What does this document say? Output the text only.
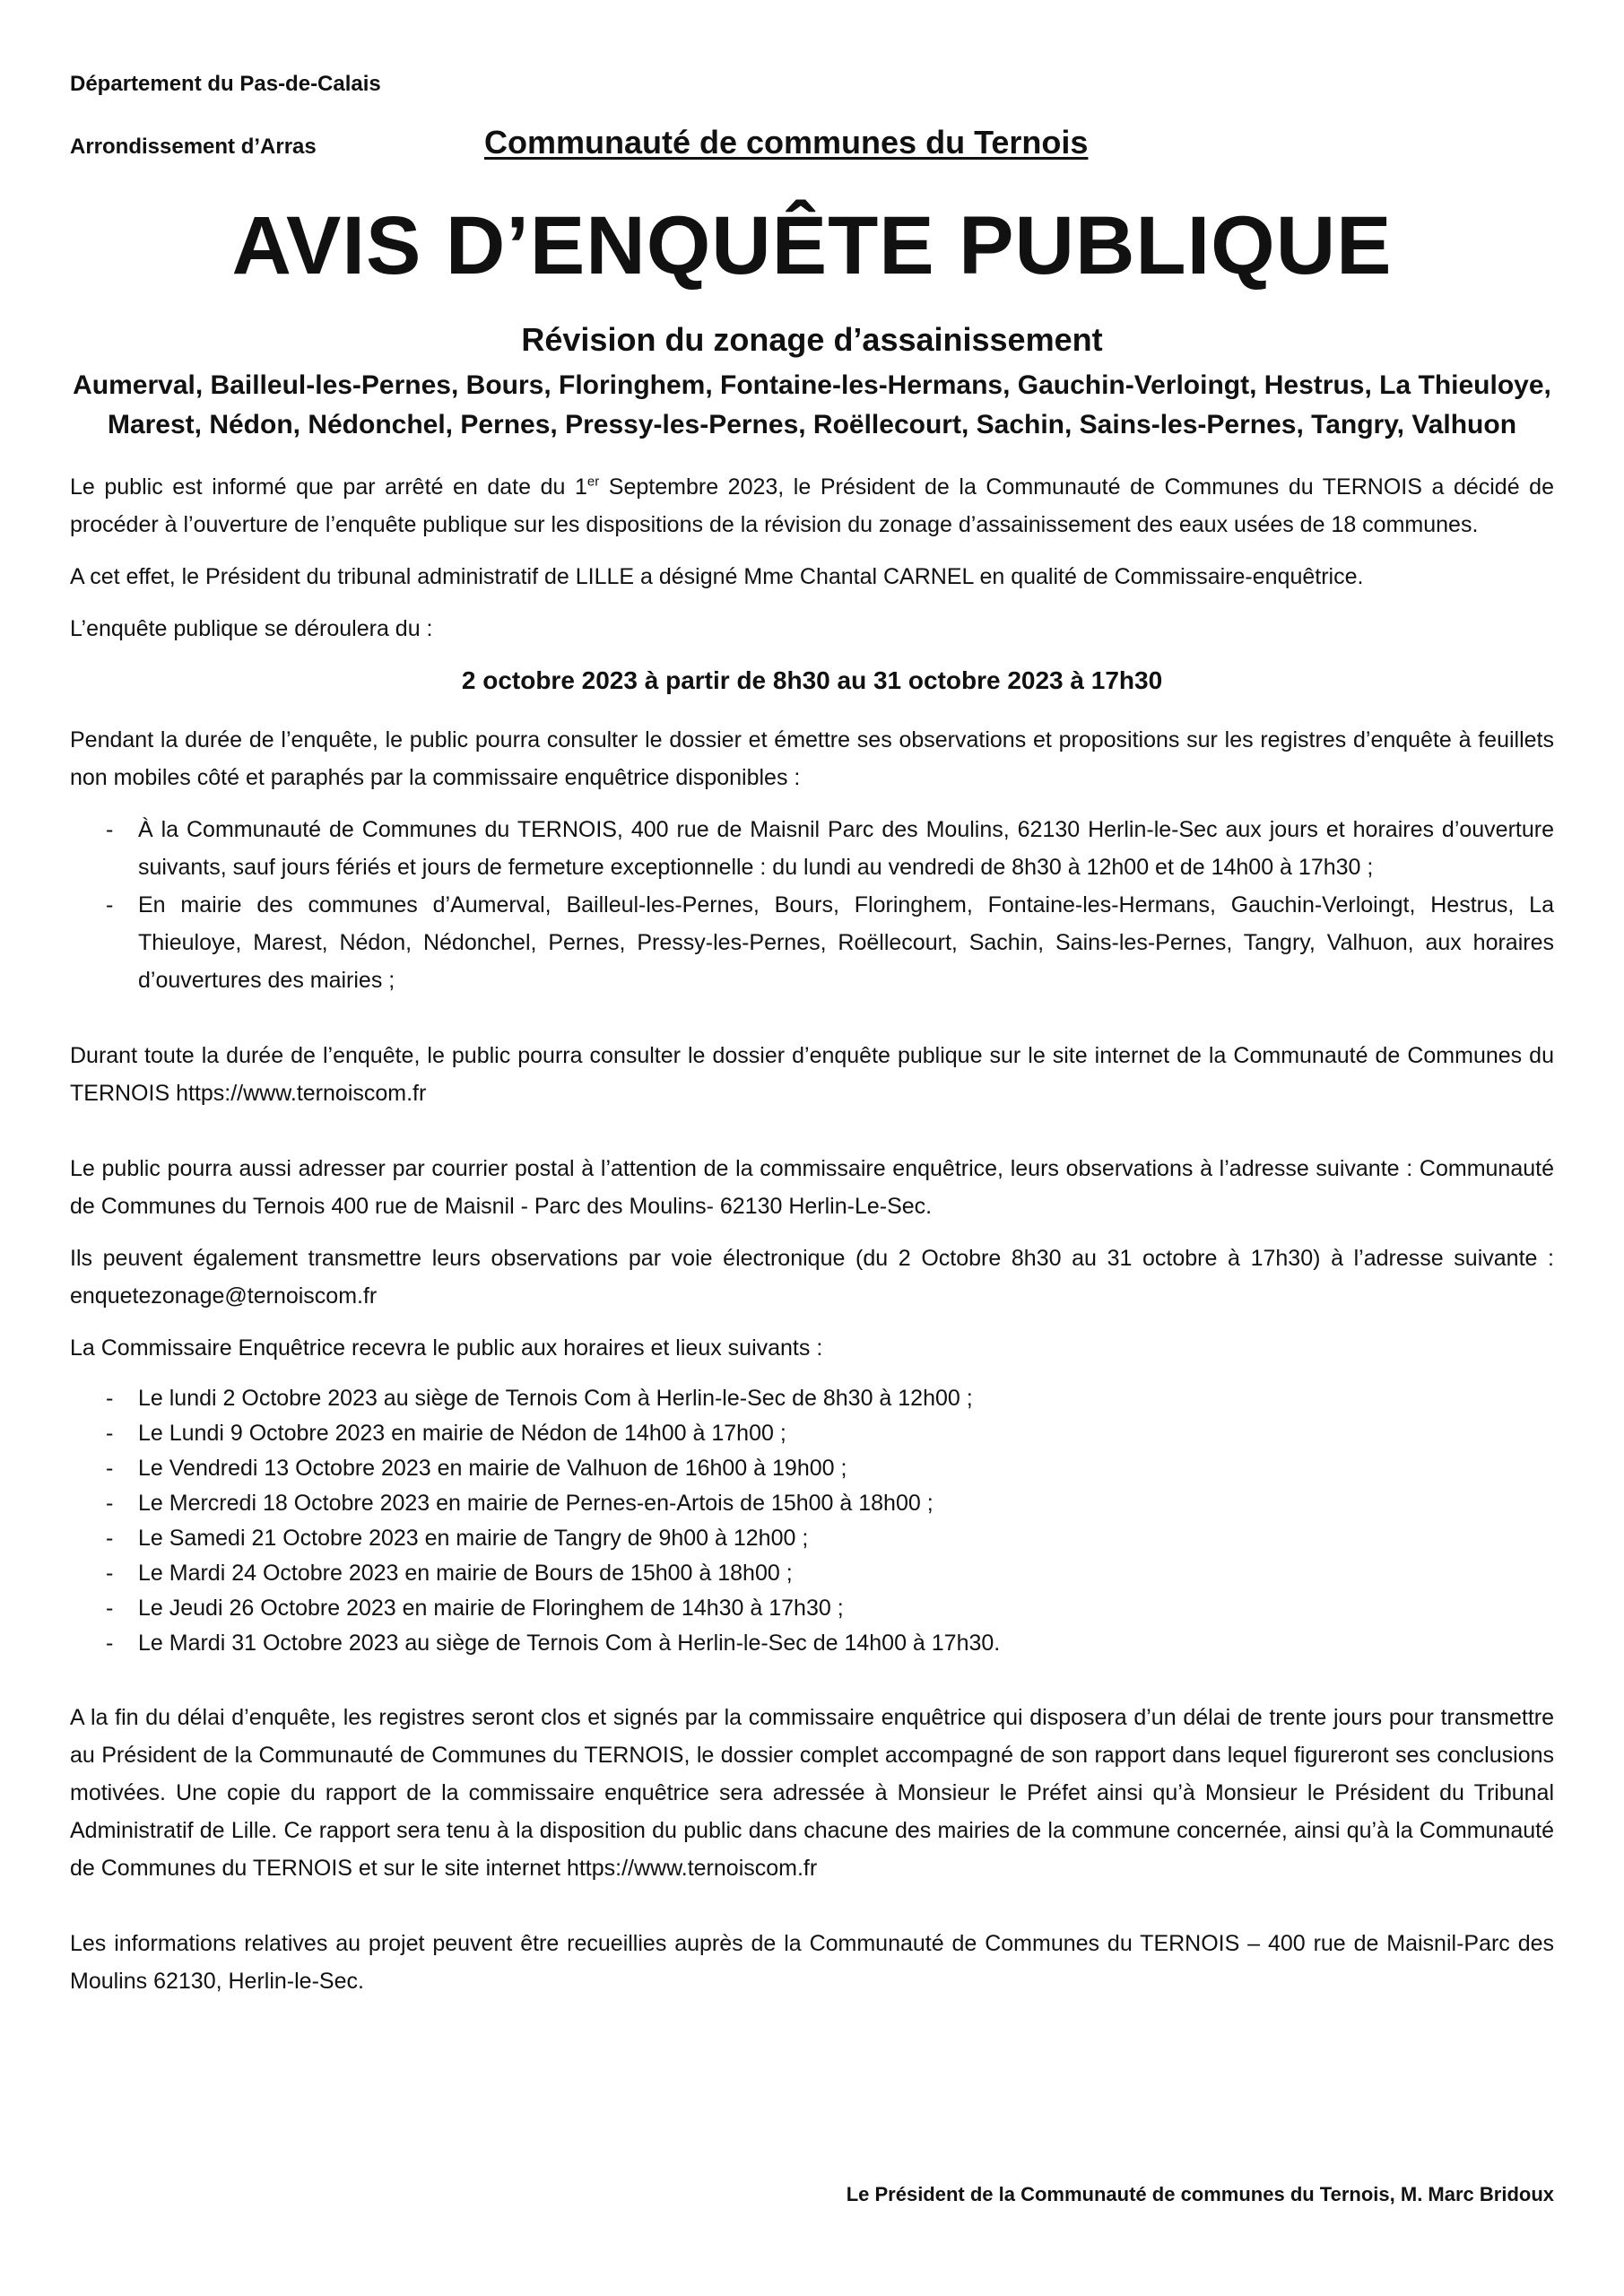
Département du Pas-de-Calais
Arrondissement d’Arras	Communauté de communes du Ternois
AVIS D’ENQUÊTE PUBLIQUE
Révision du zonage d’assainissement
Aumerval, Bailleul-les-Pernes, Bours, Floringhem, Fontaine-les-Hermans, Gauchin-Verloingt, Hestrus, La Thieuloye,
Marest, Nédon, Nédonchel, Pernes, Pressy-les-Pernes, Roëllecourt, Sachin, Sains-les-Pernes, Tangry, Valhuon

Le public est informé que par arrêté en date du 1er Septembre 2023, le Président de la Communauté de Communes du TERNOIS a décidé de procéder à l’ouverture de l’enquête publique sur les dispositions de la révision du zonage d’assainissement des eaux usées de 18 communes.

A cet effet, le Président du tribunal administratif de LILLE a désigné Mme Chantal CARNEL en qualité de Commissaire-enquêtrice.

L’enquête publique se déroulera du :

2 octobre 2023 à partir de 8h30 au 31 octobre 2023 à 17h30

Pendant la durée de l’enquête, le public pourra consulter le dossier et émettre ses observations et propositions sur les registres d’enquête à feuillets non mobiles côté et paraphés par la commissaire enquêtrice disponibles :

- À la Communauté de Communes du TERNOIS, 400 rue de Maisnil Parc des Moulins, 62130 Herlin-le-Sec aux jours et horaires d’ouverture suivants, sauf jours fériés et jours de fermeture exceptionnelle : du lundi au vendredi de 8h30 à 12h00 et de 14h00 à 17h30 ;
- En mairie des communes d’Aumerval, Bailleul-les-Pernes, Bours, Floringhem, Fontaine-les-Hermans, Gauchin-Verloingt, Hestrus, La Thieuloye, Marest, Nédon, Nédonchel, Pernes, Pressy-les-Pernes, Roëllecourt, Sachin, Sains-les-Pernes, Tangry, Valhuon, aux horaires d’ouvertures des mairies ;

Durant toute la durée de l’enquête, le public pourra consulter le dossier d’enquête publique sur le site internet de la Communauté de Communes du TERNOIS https://www.ternoiscom.fr

Le public pourra aussi adresser par courrier postal à l’attention de la commissaire enquêtrice, leurs observations à l’adresse suivante : Communauté de Communes du Ternois 400 rue de Maisnil - Parc des Moulins- 62130 Herlin-Le-Sec.

Ils peuvent également transmettre leurs observations par voie électronique (du 2 Octobre 8h30 au 31 octobre à 17h30) à l’adresse suivante : enquetezonage@ternoiscom.fr

La Commissaire Enquêtrice recevra le public aux horaires et lieux suivants :

- Le lundi 2 Octobre 2023 au siège de Ternois Com à Herlin-le-Sec de 8h30 à 12h00 ;
- Le Lundi 9 Octobre 2023 en mairie de Nédon de 14h00 à 17h00 ;
- Le Vendredi 13 Octobre 2023 en mairie de Valhuon de 16h00 à 19h00 ;
- Le Mercredi 18 Octobre 2023 en mairie de Pernes-en-Artois de 15h00 à 18h00 ;
- Le Samedi 21 Octobre 2023 en mairie de Tangry de 9h00 à 12h00 ;
- Le Mardi 24 Octobre 2023 en mairie de Bours de 15h00 à 18h00 ;
- Le Jeudi 26 Octobre 2023 en mairie de Floringhem de 14h30 à 17h30 ;
- Le Mardi 31 Octobre 2023 au siège de Ternois Com à Herlin-le-Sec de 14h00 à 17h30.

A la fin du délai d’enquête, les registres seront clos et signés par la commissaire enquêtrice qui disposera d’un délai de trente jours pour transmettre au Président de la Communauté de Communes du TERNOIS, le dossier complet accompagné de son rapport dans lequel figureront ses conclusions motivées. Une copie du rapport de la commissaire enquêtrice sera adressée à Monsieur le Préfet ainsi qu’à Monsieur le Président du Tribunal Administratif de Lille. Ce rapport sera tenu à la disposition du public dans chacune des mairies de la commune concernée, ainsi qu’à la Communauté de Communes du TERNOIS et sur le site internet https://www.ternoiscom.fr

Les informations relatives au projet peuvent être recueillies auprès de la Communauté de Communes du TERNOIS – 400 rue de Maisnil-Parc des Moulins 62130, Herlin-le-Sec.

Le Président de la Communauté de communes du Ternois, M. Marc Bridoux
